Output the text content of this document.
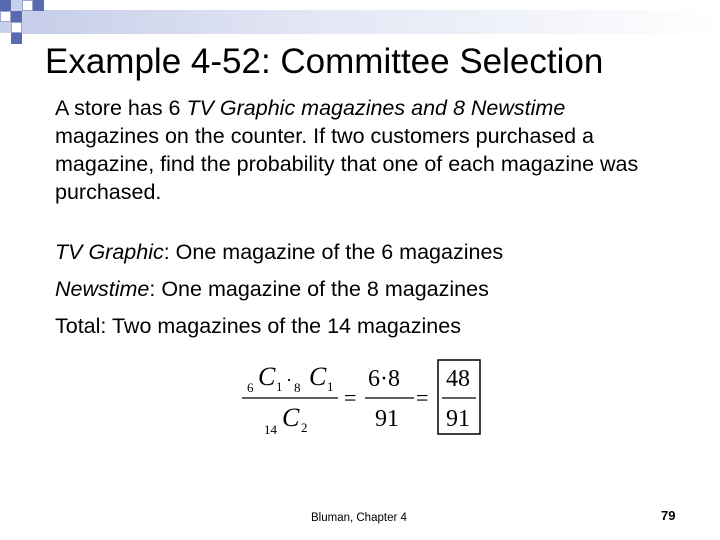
Example 4-52: Committee Selection

A store has 6 TV Graphic magazines and 8 Newstime magazines on the counter. If two customers purchased a magazine, find the probability that one of each magazine was purchased.

TV Graphic: One magazine of the 6 magazines
Newstime: One magazine of the 8 magazines
Total: Two magazines of the 14 magazines
6 C 1 · 8 C 1
14 C 2
=
6·8
91
=
48
91
Bluman, Chapter 4	79
